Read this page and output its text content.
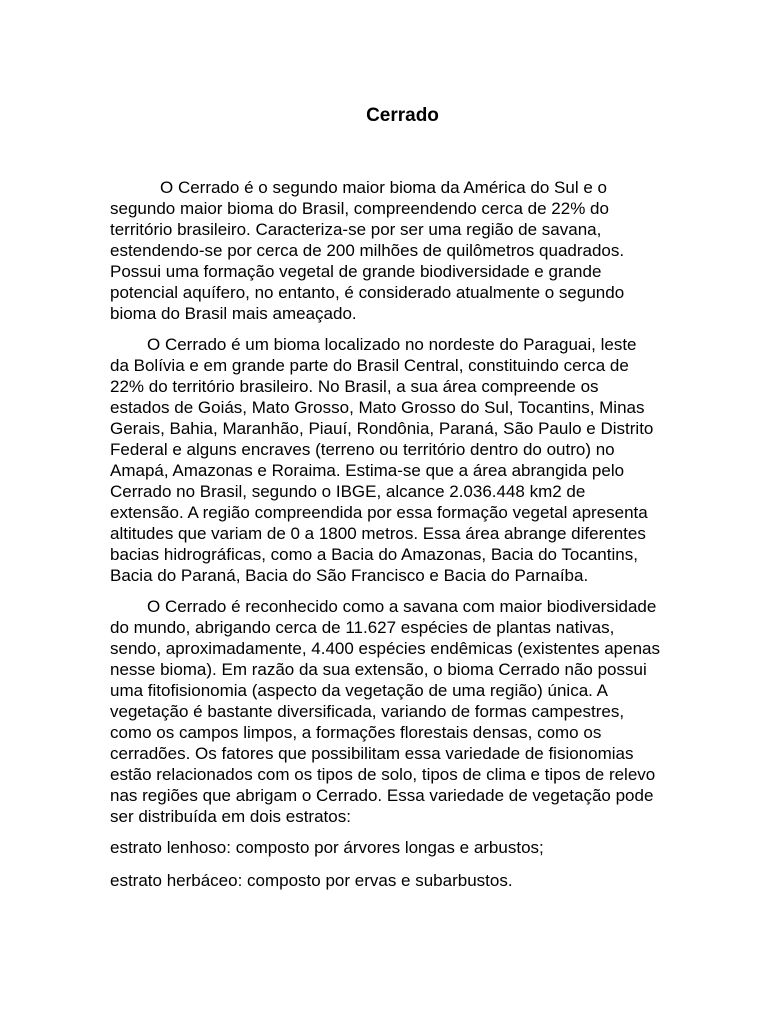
Cerrado

O Cerrado é o segundo maior bioma da América do Sul e o
segundo maior bioma do Brasil, compreendendo cerca de 22% do
território brasileiro. Caracteriza-se por ser uma região de savana,
estendendo-se por cerca de 200 milhões de quilômetros quadrados.
Possui uma formação vegetal de grande biodiversidade e grande
potencial aquífero, no entanto, é considerado atualmente o segundo
bioma do Brasil mais ameaçado.

O Cerrado é um bioma localizado no nordeste do Paraguai, leste
da Bolívia e em grande parte do Brasil Central, constituindo cerca de
22% do território brasileiro. No Brasil, a sua área compreende os
estados de Goiás, Mato Grosso, Mato Grosso do Sul, Tocantins, Minas
Gerais, Bahia, Maranhão, Piauí, Rondônia, Paraná, São Paulo e Distrito
Federal e alguns encraves (terreno ou território dentro do outro) no
Amapá, Amazonas e Roraima. Estima-se que a área abrangida pelo
Cerrado no Brasil, segundo o IBGE, alcance 2.036.448 km2 de
extensão. A região compreendida por essa formação vegetal apresenta
altitudes que variam de 0 a 1800 metros. Essa área abrange diferentes
bacias hidrográficas, como a Bacia do Amazonas, Bacia do Tocantins,
Bacia do Paraná, Bacia do São Francisco e Bacia do Parnaíba.

O Cerrado é reconhecido como a savana com maior biodiversidade
do mundo, abrigando cerca de 11.627 espécies de plantas nativas,
sendo, aproximadamente, 4.400 espécies endêmicas (existentes apenas
nesse bioma). Em razão da sua extensão, o bioma Cerrado não possui
uma fitofisionomia (aspecto da vegetação de uma região) única. A
vegetação é bastante diversificada, variando de formas campestres,
como os campos limpos, a formações florestais densas, como os
cerradões. Os fatores que possibilitam essa variedade de fisionomias
estão relacionados com os tipos de solo, tipos de clima e tipos de relevo
nas regiões que abrigam o Cerrado. Essa variedade de vegetação pode
ser distribuída em dois estratos:

estrato lenhoso: composto por árvores longas e arbustos;

estrato herbáceo: composto por ervas e subarbustos.
